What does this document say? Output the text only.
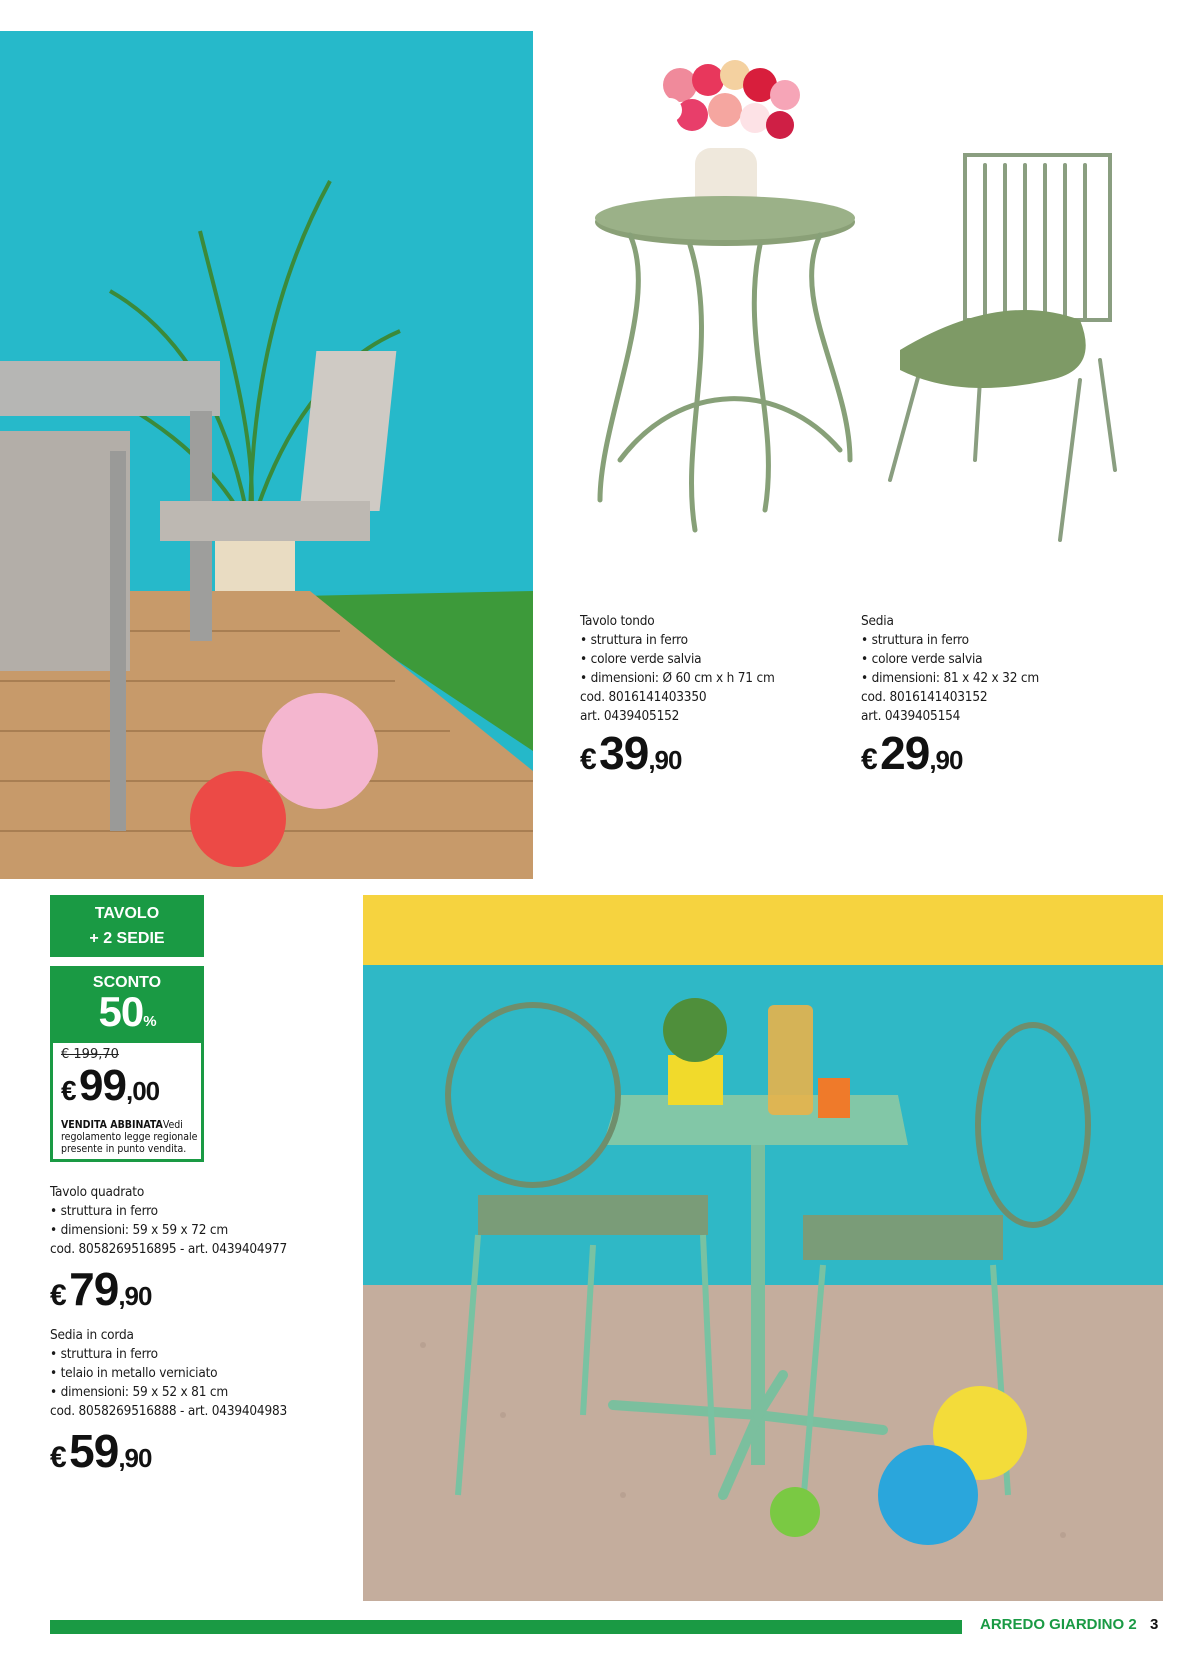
Tavolo tondo
• struttura in ferro
• colore verde salvia
• dimensioni: Ø 60 cm x h 71 cm
cod. 8016141403350
art. 0439405152
€ 39,90
Sedia
• struttura in ferro
• colore verde salvia
• dimensioni: 81 x 42 x 32 cm
cod. 8016141403152
art. 0439405154
€ 29,90
TAVOLO
+ 2 SEDIE
SCONTO
50%
€ 199,70
€ 99,00
VENDITA ABBINATAVedi regolamento legge regionale presente in punto vendita.
Tavolo quadrato
• struttura in ferro
• dimensioni: 59 x 59 x 72 cm
cod. 8058269516895 - art. 0439404977
€ 79,90
Sedia in corda
• struttura in ferro
• telaio in metallo verniciato
• dimensioni: 59 x 52 x 81 cm
cod. 8058269516888 - art. 0439404983
€ 59,90
ARREDO GIARDINO 2 3
